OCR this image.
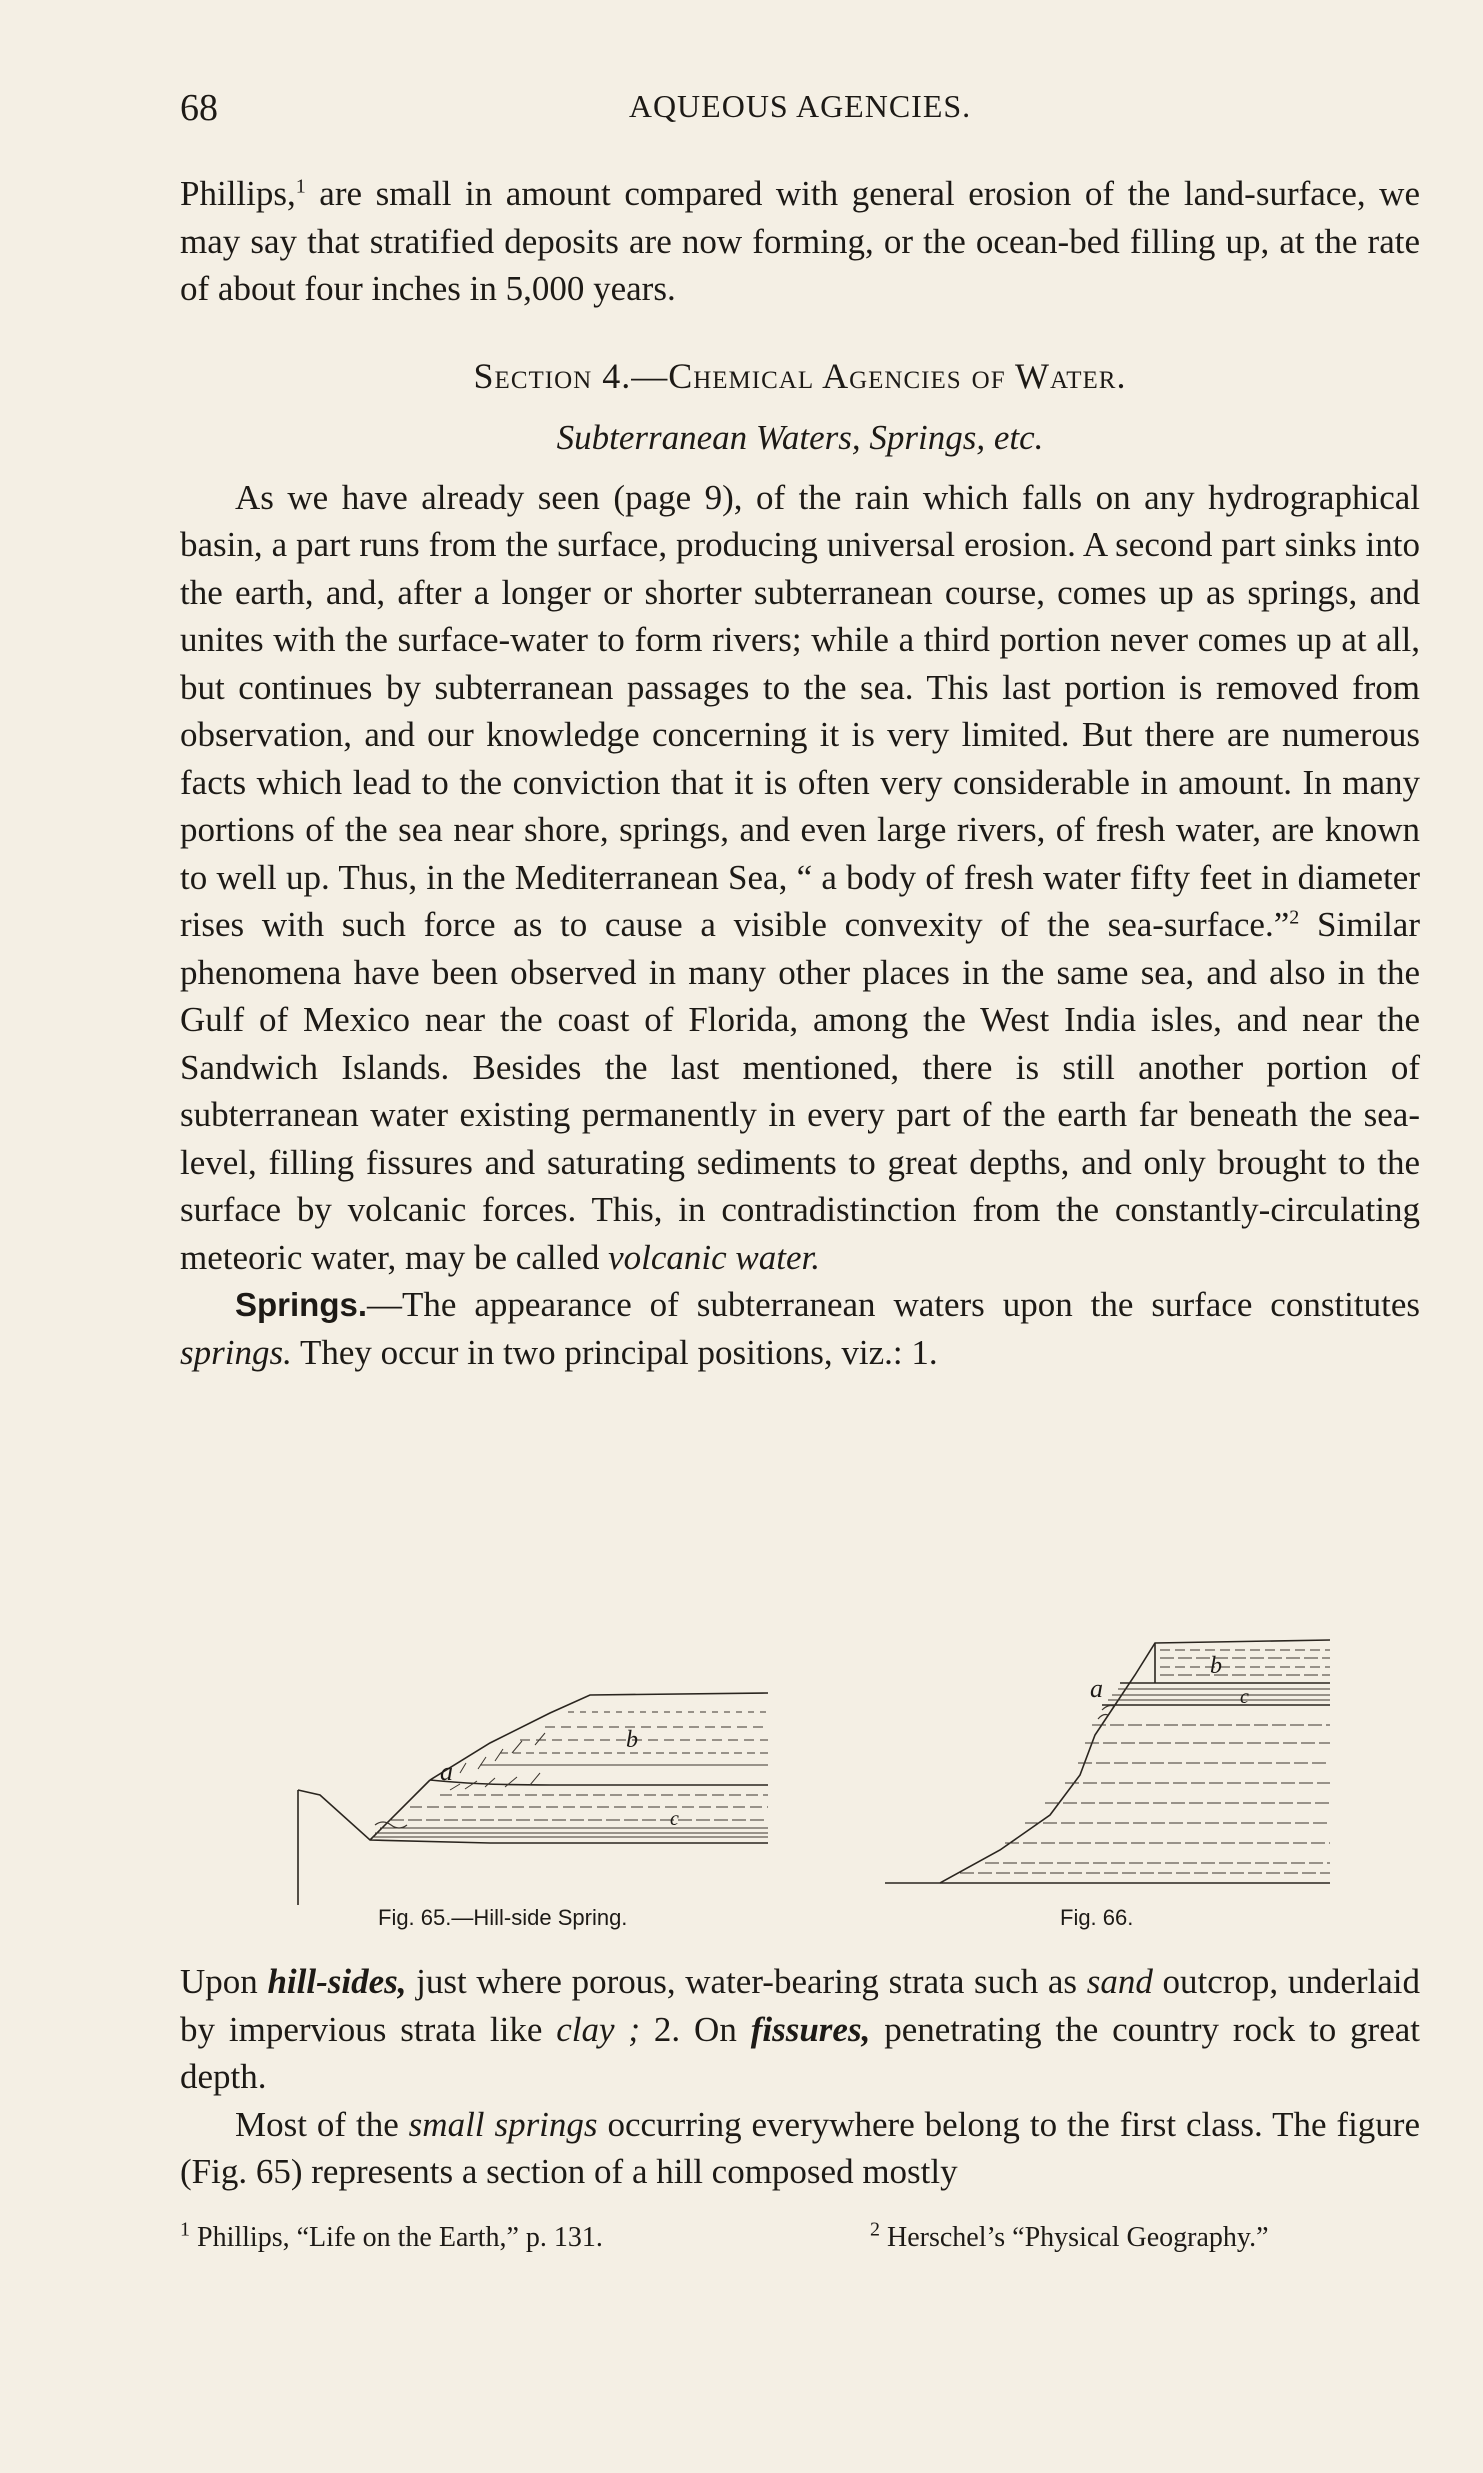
68	AQUEOUS AGENCIES.

Phillips,$^1$ are small in amount compared with general erosion of the land-surface, we may say that stratified deposits are now forming, or the ocean-bed filling up, at the rate of about four inches in 5,000 years.

Section 4.—Chemical Agencies of Water.

Subterranean Waters, Springs, etc.

As we have already seen (page 9), of the rain which falls on any hydrographical basin, a part runs from the surface, producing universal erosion. A second part sinks into the earth, and, after a longer or shorter subterranean course, comes up as springs, and unites with the surface-water to form rivers; while a third portion never comes up at all, but continues by subterranean passages to the sea. This last portion is removed from observation, and our knowledge concerning it is very limited. But there are numerous facts which lead to the conviction that it is often very considerable in amount. In many portions of the sea near shore, springs, and even large rivers, of fresh water, are known to well up. Thus, in the Mediterranean Sea, “ a body of fresh water fifty feet in diameter rises with such force as to cause a visible convexity of the sea-surface.”$^2$ Similar phenomena have been observed in many other places in the same sea, and also in the Gulf of Mexico near the coast of Florida, among the West India isles, and near the Sandwich Islands. Besides the last mentioned, there is still another portion of subterranean water existing permanently in every part of the earth far beneath the sea-level, filling fissures and saturating sediments to great depths, and only brought to the surface by volcanic forces. This, in contradistinction from the constantly-circulating meteoric water, may be called volcanic water.

Springs.—The appearance of subterranean waters upon the surface constitutes springs. They occur in two principal positions, viz.: 1.

a
b
c
Fig. 65.—Hill-side Spring.
a
b
c
Fig. 66.

Upon hill-sides, just where porous, water-bearing strata such as sand outcrop, underlaid by impervious strata like clay ; 2. On fissures, penetrating the country rock to great depth.

Most of the small springs occurring everywhere belong to the first class. The figure (Fig. 65) represents a section of a hill composed mostly

$^1$ Phillips, “Life on the Earth,” p. 131.	$^2$ Herschel’s “Physical Geography.”
